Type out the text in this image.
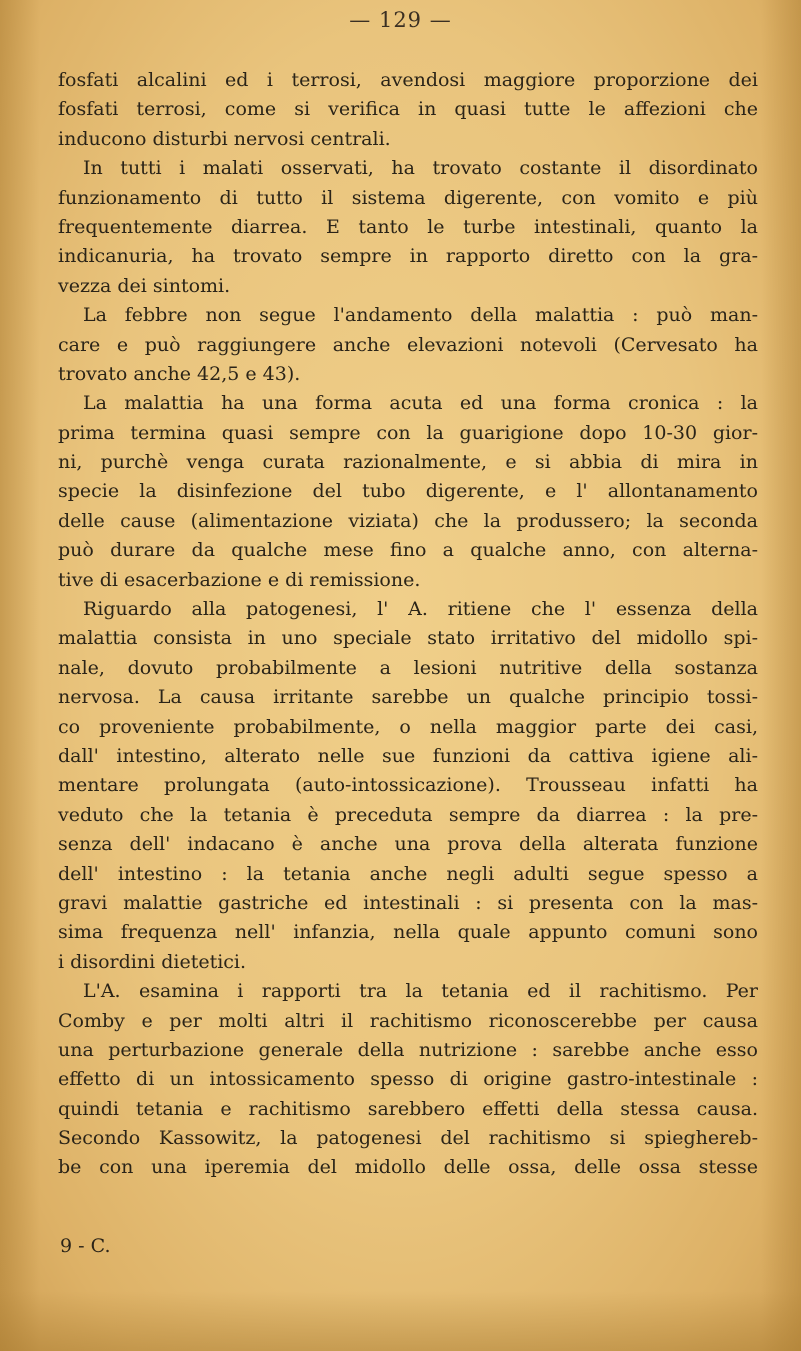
— 129 —
fosfati alcalini ed i terrosi, avendosi maggiore proporzione dei
fosfati terrosi, come si verifica in quasi tutte le affezioni che
inducono disturbi nervosi centrali.
In tutti i malati osservati, ha trovato costante il disordinato
funzionamento di tutto il sistema digerente, con vomito e più
frequentemente diarrea. E tanto le turbe intestinali, quanto la
indicanuria, ha trovato sempre in rapporto diretto con la gra-
vezza dei sintomi.
La febbre non segue l'andamento della malattia : può man-
care e può raggiungere anche elevazioni notevoli (Cervesato ha
trovato anche 42,5 e 43).
La malattia ha una forma acuta ed una forma cronica : la
prima termina quasi sempre con la guarigione dopo 10-30 gior-
ni, purchè venga curata razionalmente, e si abbia di mira in
specie la disinfezione del tubo digerente, e l' allontanamento
delle cause (alimentazione viziata) che la produssero; la seconda
può durare da qualche mese fino a qualche anno, con alterna-
tive di esacerbazione e di remissione.
Riguardo alla patogenesi, l' A. ritiene che l' essenza della
malattia consista in uno speciale stato irritativo del midollo spi-
nale, dovuto probabilmente a lesioni nutritive della sostanza
nervosa. La causa irritante sarebbe un qualche principio tossi-
co proveniente probabilmente, o nella maggior parte dei casi,
dall' intestino, alterato nelle sue funzioni da cattiva igiene ali-
mentare prolungata (auto-intossicazione). Trousseau infatti ha
veduto che la tetania è preceduta sempre da diarrea : la pre-
senza dell' indacano è anche una prova della alterata funzione
dell' intestino : la tetania anche negli adulti segue spesso a
gravi malattie gastriche ed intestinali : si presenta con la mas-
sima frequenza nell' infanzia, nella quale appunto comuni sono
i disordini dietetici.
L'A. esamina i rapporti tra la tetania ed il rachitismo. Per
Comby e per molti altri il rachitismo riconoscerebbe per causa
una perturbazione generale della nutrizione : sarebbe anche esso
effetto di un intossicamento spesso di origine gastro-intestinale :
quindi tetania e rachitismo sarebbero effetti della stessa causa.
Secondo Kassowitz, la patogenesi del rachitismo si spieghereb-
be con una iperemia del midollo delle ossa, delle ossa stesse
9 - C.
